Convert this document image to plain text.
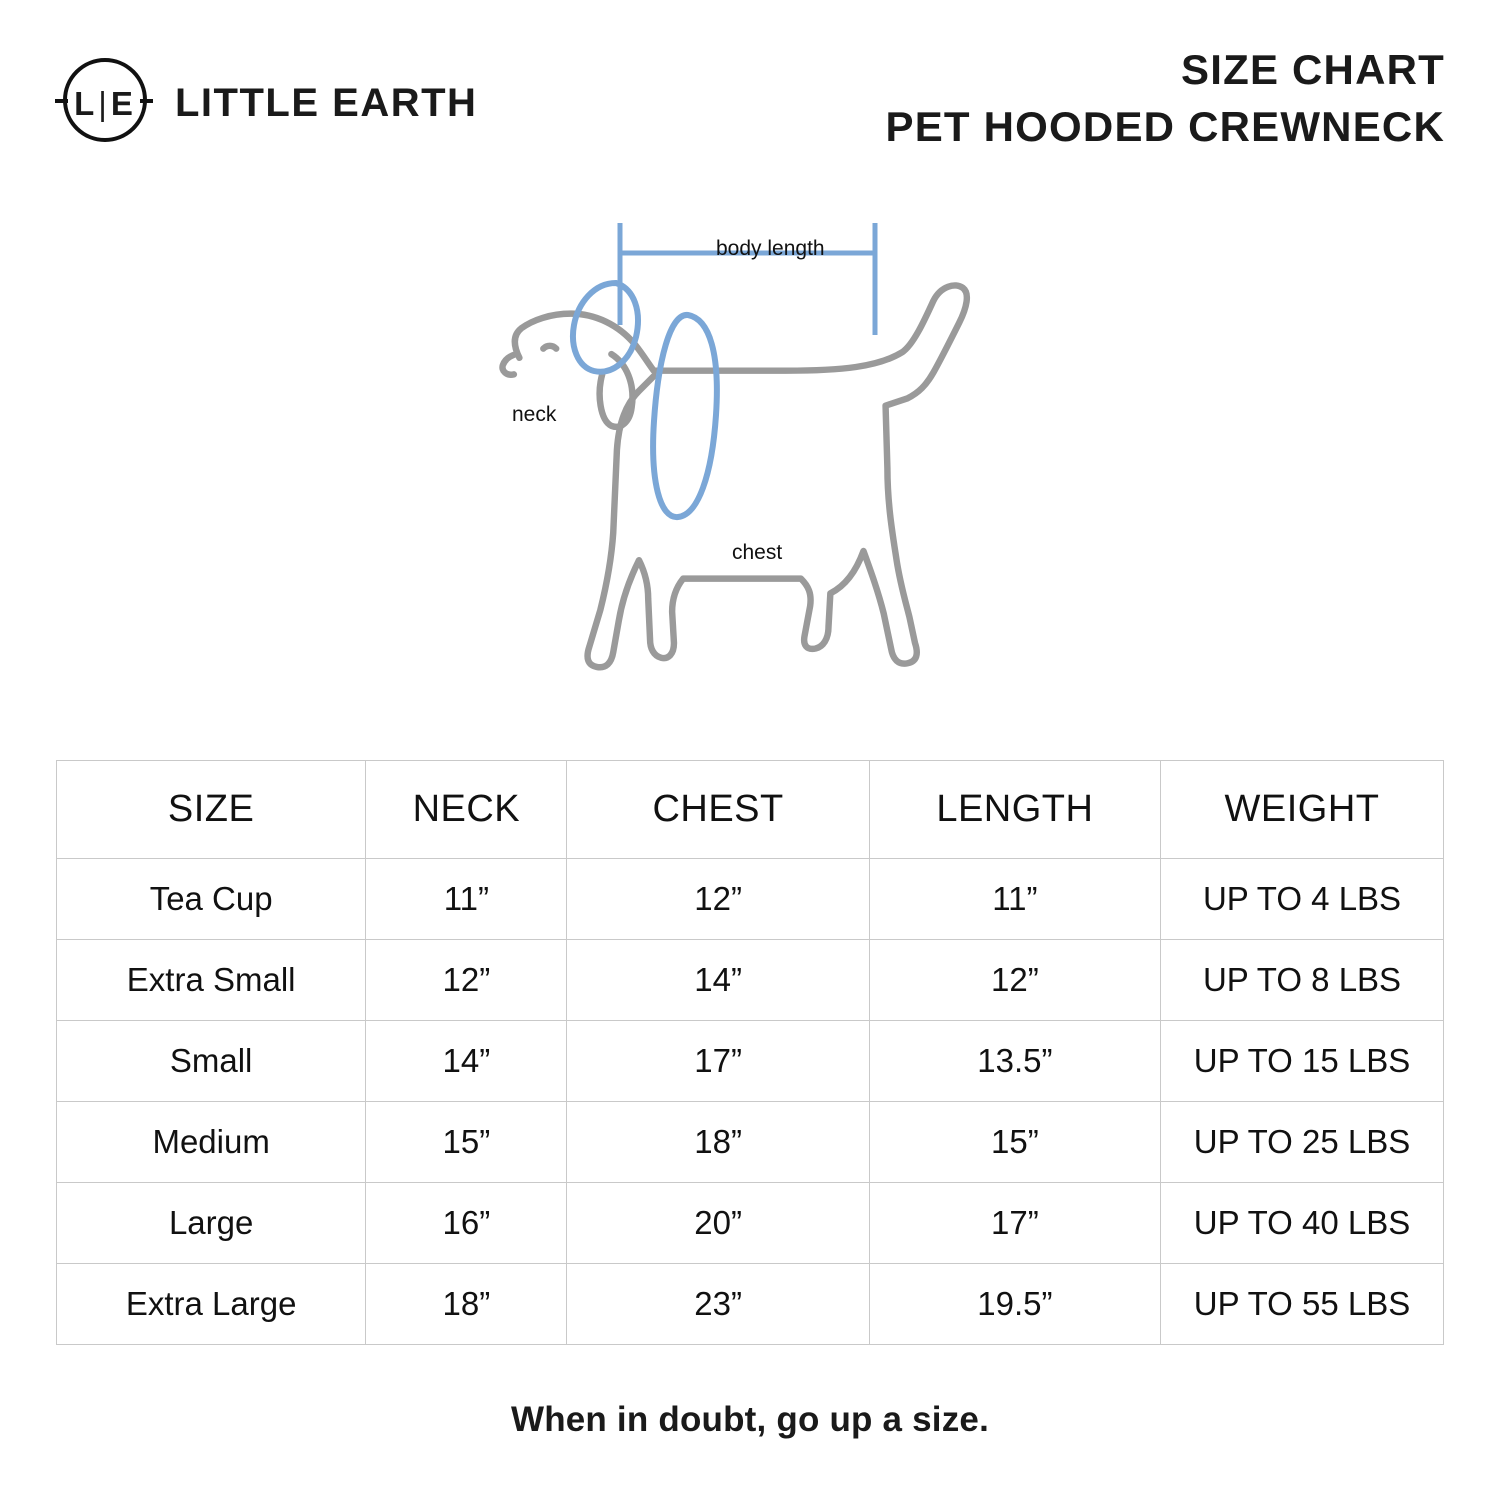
L|E LITTLE EARTH
SIZE CHART
PET HOODED CREWNECK
body length
neck
chest
SIZE	NECK	CHEST	LENGTH	WEIGHT
Tea Cup	11”	12”	11”	UP TO 4 LBS
Extra Small	12”	14”	12”	UP TO 8 LBS
Small	14”	17”	13.5”	UP TO 15 LBS
Medium	15”	18”	15”	UP TO 25 LBS
Large	16”	20”	17”	UP TO 40 LBS
Extra Large	18”	23”	19.5”	UP TO 55 LBS
When in doubt, go up a size.
